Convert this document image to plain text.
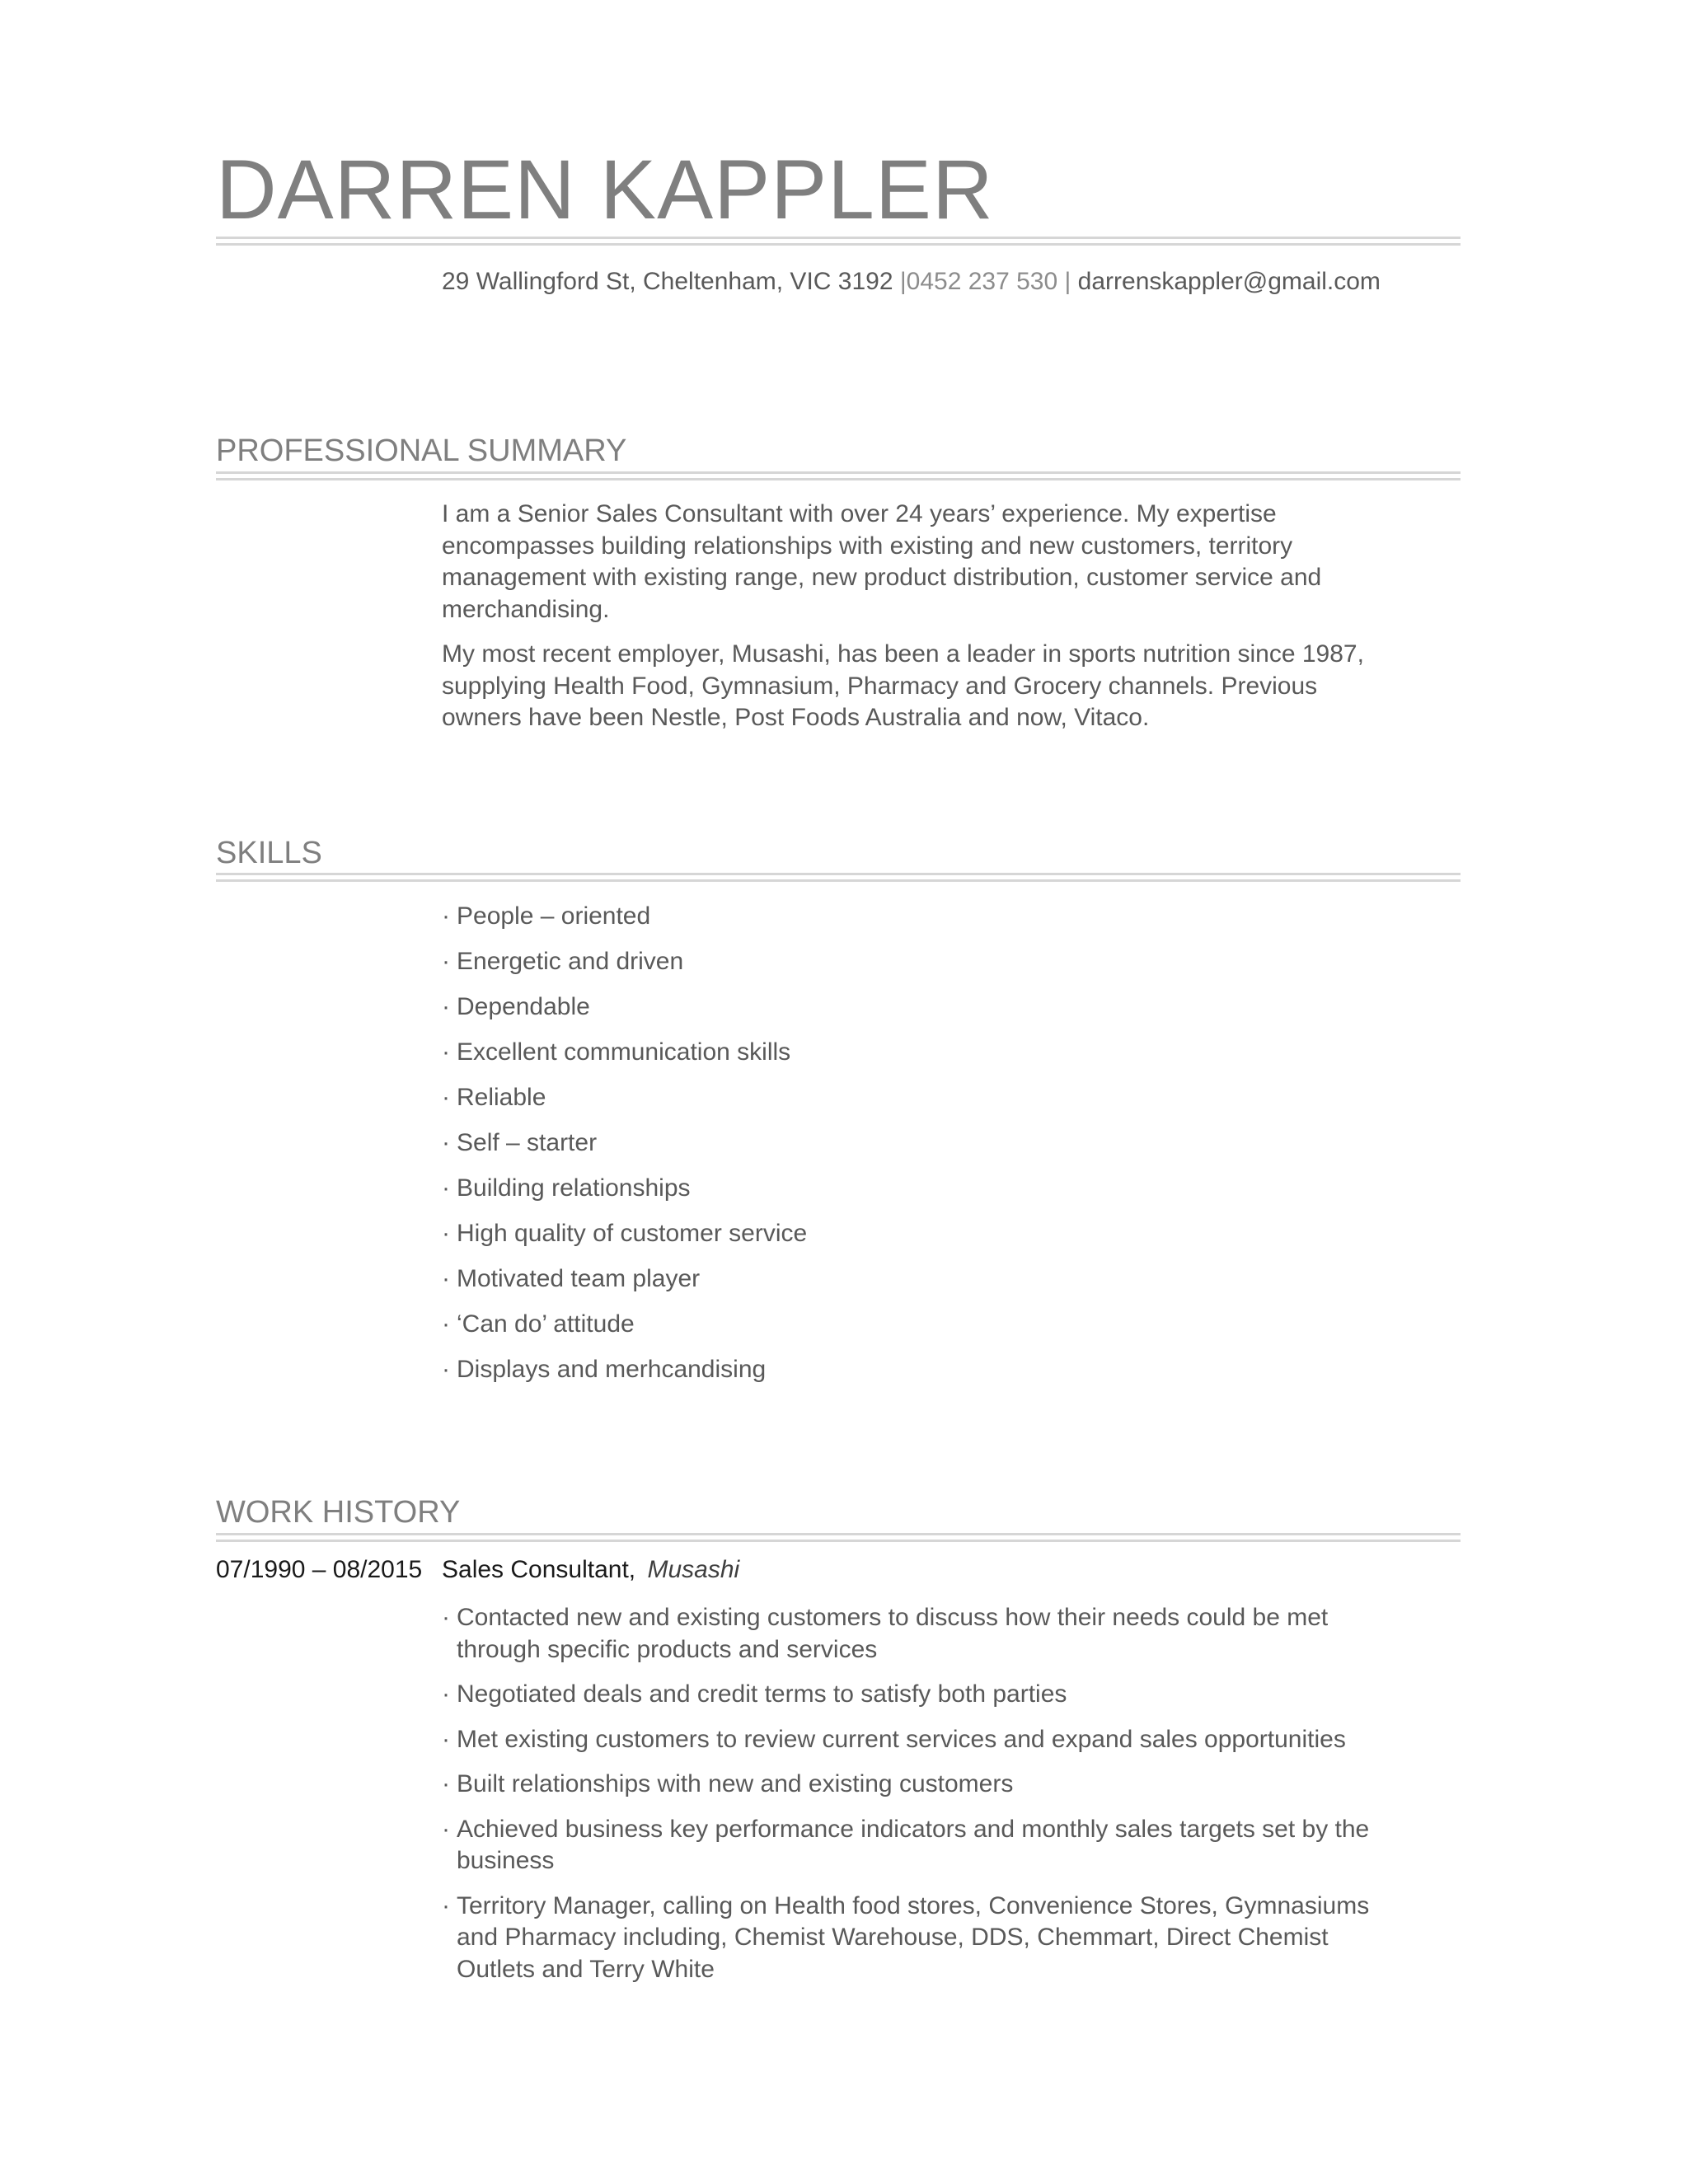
DARREN KAPPLER
29 Wallingford St, Cheltenham, VIC 3192 |0452 237 530 | darrenskappler@gmail.com
PROFESSIONAL SUMMARY

I am a Senior Sales Consultant with over 24 years’ experience. My expertise encompasses building relationships with existing and new customers, territory management with existing range, new product distribution, customer service and merchandising.

My most recent employer, Musashi, has been a leader in sports nutrition since 1987, supplying Health Food, Gymnasium, Pharmacy and Grocery channels. Previous owners have been Nestle, Post Foods Australia and now, Vitaco.

SKILLS
· People – oriented
· Energetic and driven
· Dependable
· Excellent communication skills
· Reliable
· Self – starter
· Building relationships
· High quality of customer service
· Motivated team player
· ‘Can do’ attitude
· Displays and merhcandising
WORK HISTORY
07/1990 – 08/2015 Sales Consultant, Musashi
· Contacted new and existing customers to discuss how their needs could be met through specific products and services
· Negotiated deals and credit terms to satisfy both parties
· Met existing customers to review current services and expand sales opportunities
· Built relationships with new and existing customers
· Achieved business key performance indicators and monthly sales targets set by the business
· Territory Manager, calling on Health food stores, Convenience Stores, Gymnasiums and Pharmacy including, Chemist Warehouse, DDS, Chemmart, Direct Chemist Outlets and Terry White
